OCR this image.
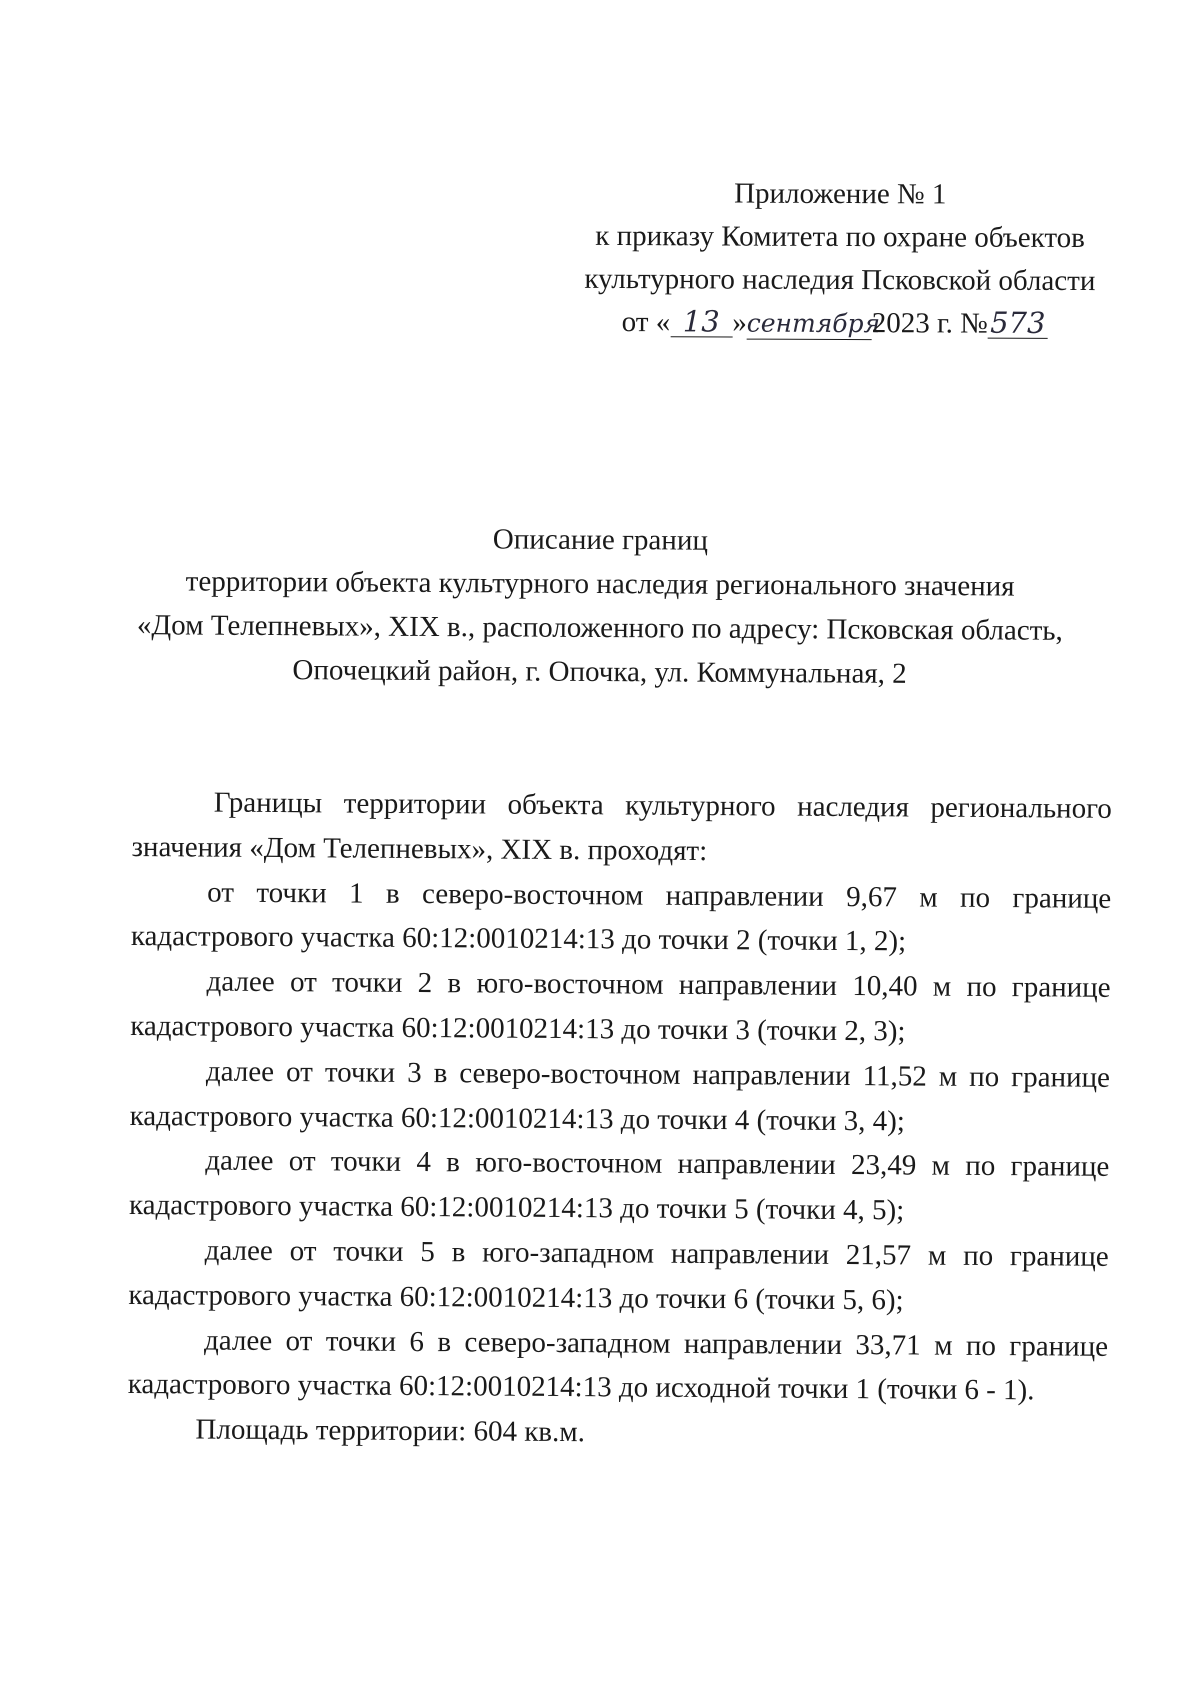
Приложение № 1
к приказу Комитета по охране объектов
культурного наследия Псковской области
от « 13 »сентября2023 г. №573
Описание границ
территории объекта культурного наследия регионального значения
«Дом Телепневых», XIX в., расположенного по адресу: Псковская область,
Опочецкий район, г. Опочка, ул. Коммунальная, 2

Границы территории объекта культурного наследия регионального значения «Дом Телепневых», XIX в. проходят:

от точки 1 в северо-восточном направлении 9,67 м по границе кадастрового участка 60:12:0010214:13 до точки 2 (точки 1, 2);

далее от точки 2 в юго-восточном направлении 10,40 м по границе кадастрового участка 60:12:0010214:13 до точки 3 (точки 2, 3);

далее от точки 3 в северо-восточном направлении 11,52 м по границе кадастрового участка 60:12:0010214:13 до точки 4 (точки 3, 4);

далее от точки 4 в юго-восточном направлении 23,49 м по границе кадастрового участка 60:12:0010214:13 до точки 5 (точки 4, 5);

далее от точки 5 в юго-западном направлении 21,57 м по границе кадастрового участка 60:12:0010214:13 до точки 6 (точки 5, 6);

далее от точки 6 в северо-западном направлении 33,71 м по границе кадастрового участка 60:12:0010214:13 до исходной точки 1 (точки 6 - 1).

Площадь территории: 604 кв.м.
